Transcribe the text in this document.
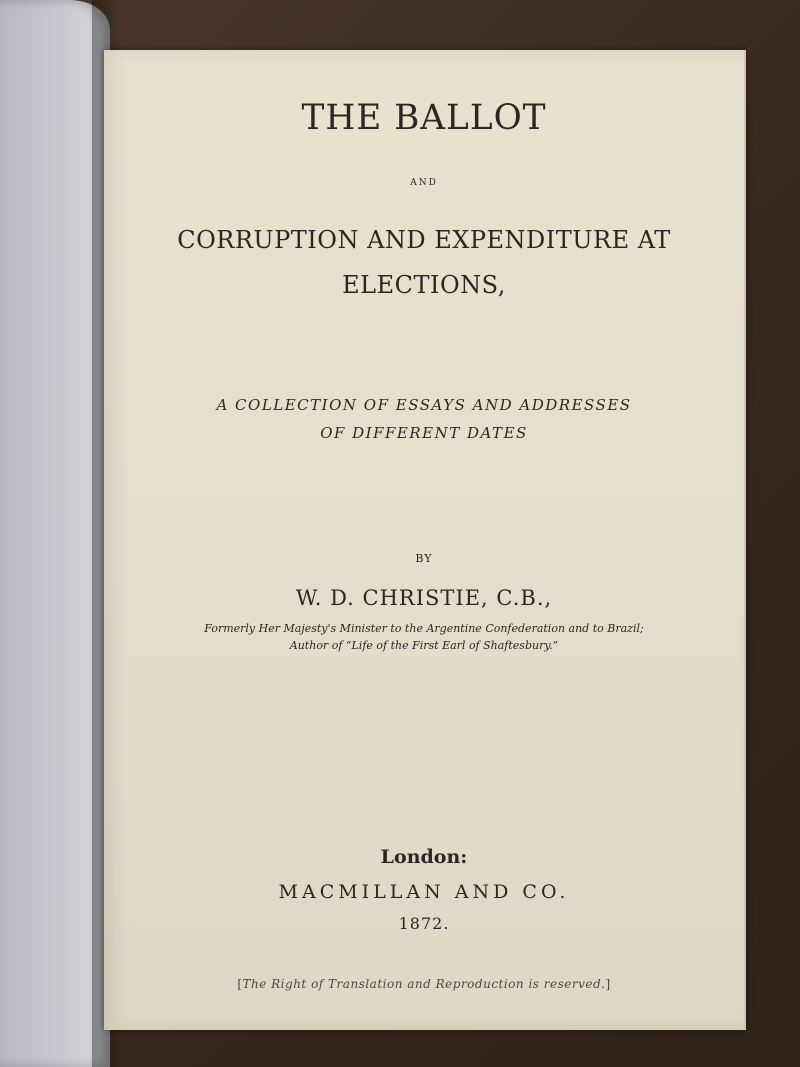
THE BALLOT
AND
CORRUPTION AND EXPENDITURE AT
ELECTIONS,
A COLLECTION OF ESSAYS AND ADDRESSES
OF DIFFERENT DATES
BY
W. D. CHRISTIE, C.B.,
Formerly Her Majesty's Minister to the Argentine Confederation and to Brazil;
Author of “Life of the First Earl of Shaftesbury.”
London:
MACMILLAN AND CO.
1872.
[The Right of Translation and Reproduction is reserved.]
